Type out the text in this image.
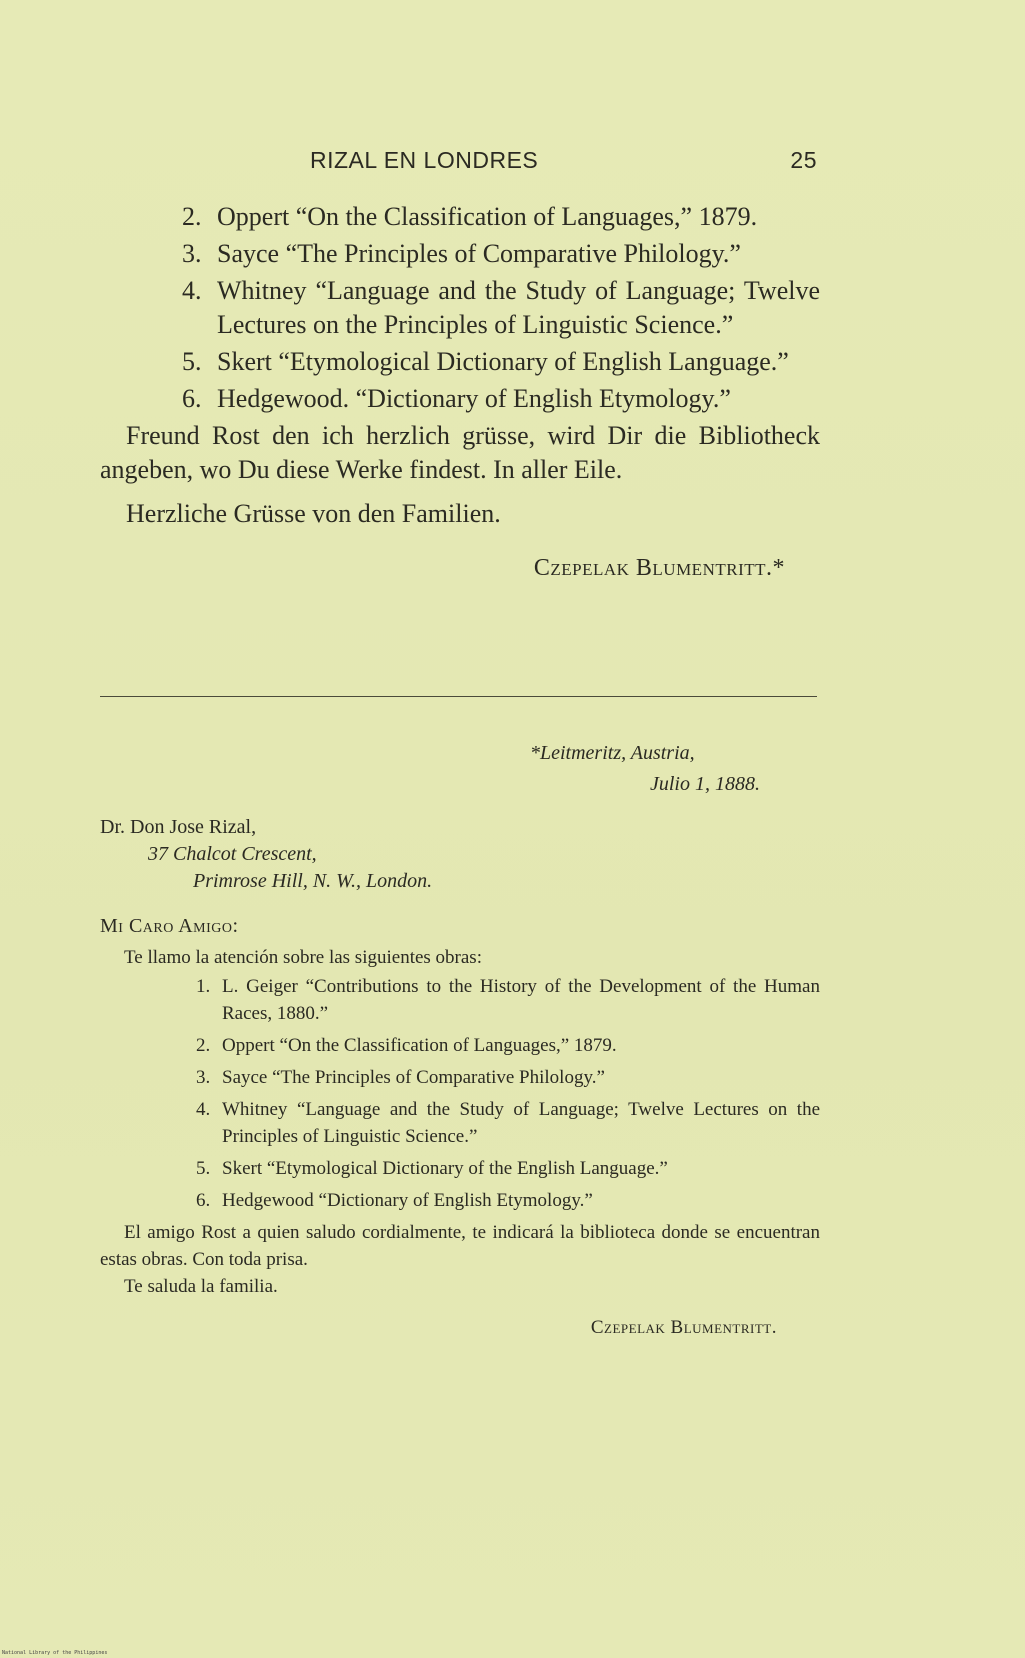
RIZAL EN LONDRES	25
2. Oppert “On the Classification of Languages,” 1879.
3. Sayce “The Principles of Comparative Philology.”
4. Whitney “Language and the Study of Language; Twelve Lectures on the Principles of Linguistic Science.”
5. Skert “Etymological Dictionary of English Language.”
6. Hedgewood. “Dictionary of English Etymology.”

Freund Rost den ich herzlich grüsse, wird Dir die Bibliotheck angeben, wo Du diese Werke findest. In aller Eile.

Herzliche Grüsse von den Familien.

Czepelak Blumentritt.*
*Leitmeritz, Austria,
Julio 1, 1888.
Dr. Don Jose Rizal,
37 Chalcot Crescent,
Primrose Hill, N. W., London.
Mi Caro Amigo:
Te llamo la atención sobre las siguientes obras:
1. L. Geiger “Contributions to the History of the Development of the Human Races, 1880.”
2. Oppert “On the Classification of Languages,” 1879.
3. Sayce “The Principles of Comparative Philology.”
4. Whitney “Language and the Study of Language; Twelve Lectures on the Principles of Linguistic Science.”
5. Skert “Etymological Dictionary of the English Language.”
6. Hedgewood “Dictionary of English Etymology.”
El amigo Rost a quien saludo cordialmente, te indicará la biblioteca donde se encuentran estas obras. Con toda prisa.
Te saluda la familia.
Czepelak Blumentritt.
National Library of the Philippines
